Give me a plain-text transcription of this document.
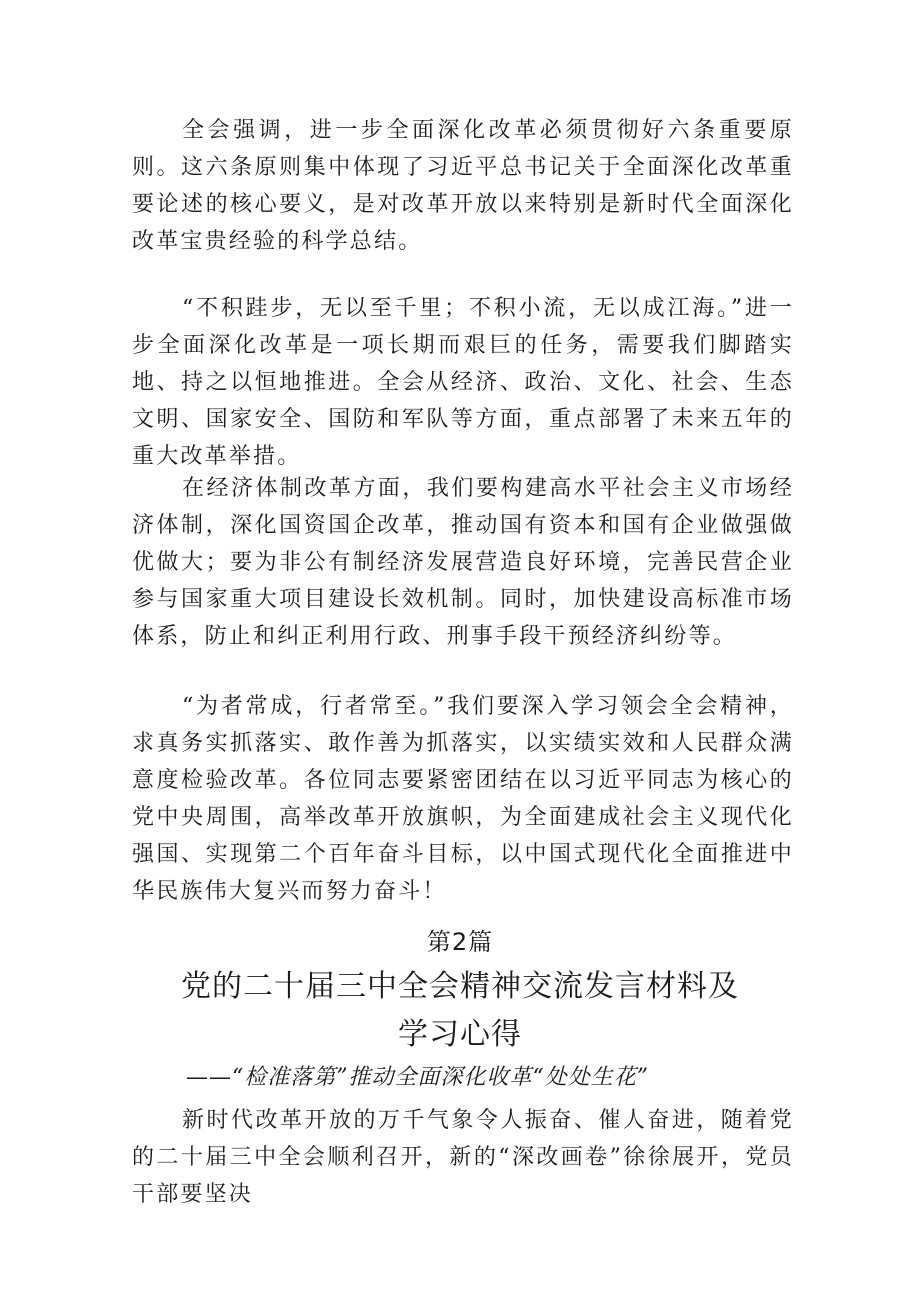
全会强调，进一步全面深化改革必须贯彻好六条重要原则。这六条原则集中体现了习近平总书记关于全面深化改革重要论述的核心要义，是对改革开放以来特别是新时代全面深化改革宝贵经验的科学总结。

“不积跬步，无以至千里；不积小流，无以成江海。”进一步全面深化改革是一项长期而艰巨的任务，需要我们脚踏实地、持之以恒地推进。全会从经济、政治、文化、社会、生态文明、国家安全、国防和军队等方面，重点部署了未来五年的重大改革举措。

在经济体制改革方面，我们要构建高水平社会主义市场经济体制，深化国资国企改革，推动国有资本和国有企业做强做优做大；要为非公有制经济发展营造良好环境，完善民营企业参与国家重大项目建设长效机制。同时，加快建设高标准市场体系，防止和纠正利用行政、刑事手段干预经济纠纷等。

“为者常成，行者常至。”我们要深入学习领会全会精神，求真务实抓落实、敢作善为抓落实，以实绩实效和人民群众满意度检验改革。各位同志要紧密团结在以习近平同志为核心的党中央周围，高举改革开放旗帜，为全面建成社会主义现代化强国、实现第二个百年奋斗目标，以中国式现代化全面推进中华民族伟大复兴而努力奋斗！

第2篇
党的二十届三中全会精神交流发言材料及学习心得
——“检准落第”推动全面深化收革“处处生花”

新时代改革开放的万千气象令人振奋、催人奋进，随着党的二十届三中全会顺利召开，新的“深改画卷”徐徐展开，党员干部要坚决
